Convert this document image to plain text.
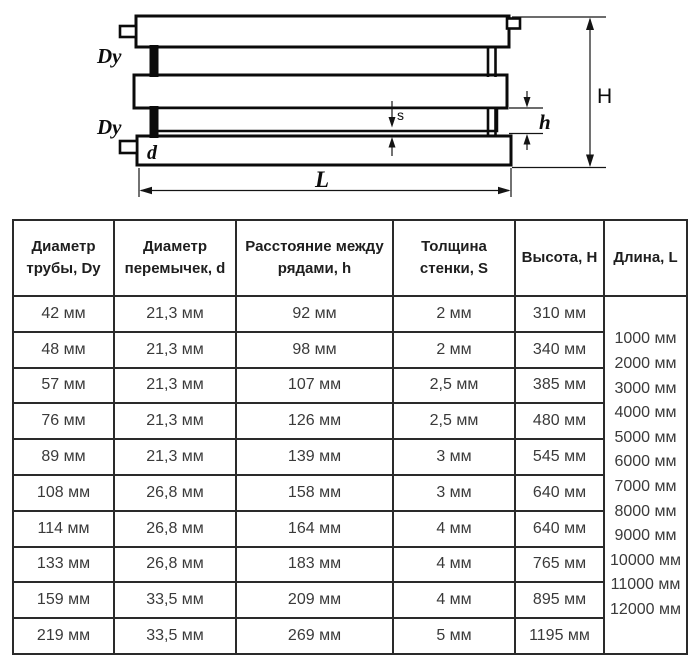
H
h
s
L
Dy
Dy
d
Диаметр трубы, Dy	Диаметр перемычек, d	Расстояние между рядами, h	Толщина стенки, S	Высота, H	Длина, L
42 мм	21,3 мм	92 мм	2 мм	310 мм	
1000 мм
2000 мм
3000 мм
4000 мм
5000 мм
6000 мм
7000 мм
8000 мм
9000 мм
10000 мм
11000 мм
12000 мм

48 мм	21,3 мм	98 мм	2 мм	340 мм	
57 мм	21,3 мм	107 мм	2,5 мм	385 мм	
76 мм	21,3 мм	126 мм	2,5 мм	480 мм	
89 мм	21,3 мм	139 мм	3 мм	545 мм	
108 мм	26,8 мм	158 мм	3 мм	640 мм	
114 мм	26,8 мм	164 мм	4 мм	640 мм	
133 мм	26,8 мм	183 мм	4 мм	765 мм	
159 мм	33,5 мм	209 мм	4 мм	895 мм	
219 мм	33,5 мм	269 мм	5 мм	1195 мм	
